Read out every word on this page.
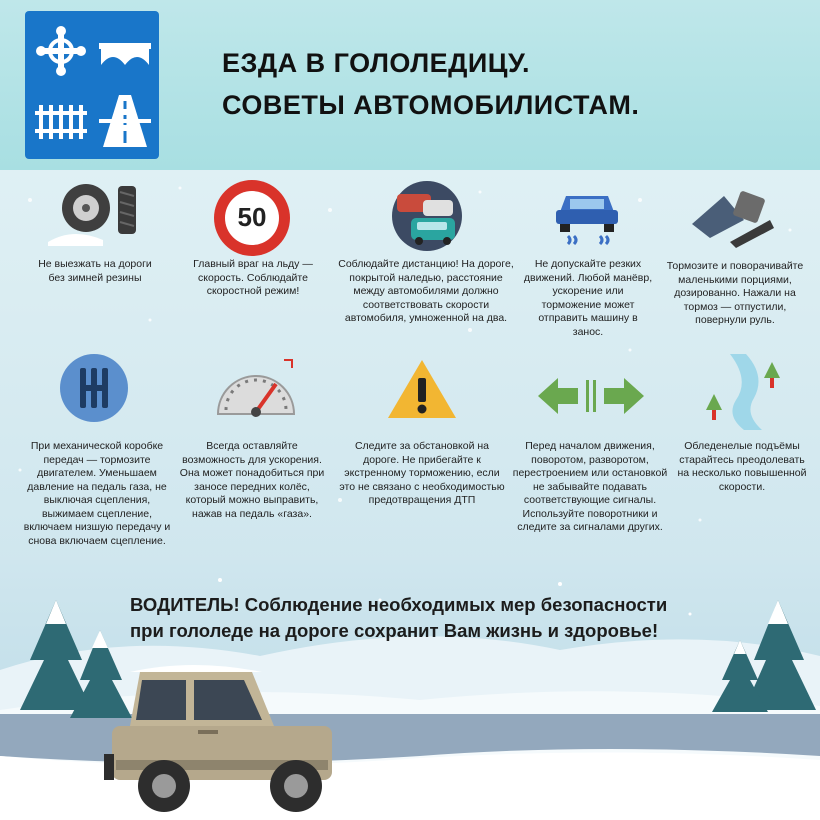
ЕЗДА В ГОЛОЛЕДИЦУ.
СОВЕТЫ АВТОМОБИЛИСТАМ.
50
Не выезжать на дороги без зимней резины
Главный враг на льду — скорость. Соблюдайте скоростной режим!
Соблюдайте дистанцию! На дороге, покрытой наледью, расстояние между автомобилями должно соответствовать скорости автомобиля, умноженной на два.
Не допускайте резких движений. Любой манёвр, ускорение или торможение может отправить машину в занос.
Тормозите и поворачивайте маленькими порциями, дозированно. Нажали на тормоз — отпустили, повернули руль.
При механической коробке передач — тормозите двигателем. Уменьшаем давление на педаль газа, не выключая сцепления, выжимаем сцепление, включаем низшую передачу и снова включаем сцепление.
Всегда оставляйте возможность для ускорения. Она может понадобиться при заносе передних колёс, который можно выправить, нажав на педаль «газа».
Следите за обстановкой на дороге. Не прибегайте к экстренному торможению, если это не связано с необходимостью предотвращения ДТП
Перед началом движения, поворотом, разворотом, перестроением или остановкой не забывайте подавать соответствующие сигналы. Используйте поворотники и следите за сигналами других.
Обледенелые подъёмы старайтесь преодолевать на несколько повышенной скорости.
ВОДИТЕЛЬ! Соблюдение необходимых мер безопасности
при гололеде на дороге сохранит Вам жизнь и здоровье!
